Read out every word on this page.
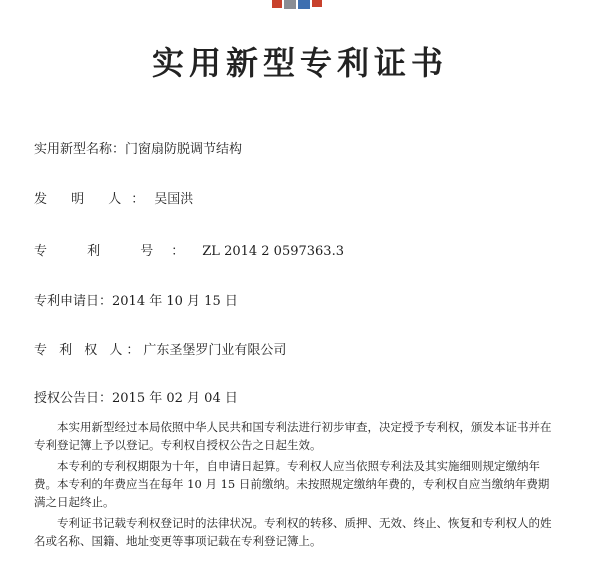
实用新型专利证书
实用新型名称：门窗扇防脱调节结构
发 明 人：吴国洪
专 利 号：ZL 2014 2 0597363.3
专利申请日：2014 年 10 月 15 日
专 利 权 人：广东圣堡罗门业有限公司
授权公告日：2015 年 02 月 04 日

本实用新型经过本局依照中华人民共和国专利法进行初步审查，决定授予专利权，颁发本证书并在专利登记簿上予以登记。专利权自授权公告之日起生效。

本专利的专利权期限为十年，自申请日起算。专利权人应当依照专利法及其实施细则规定缴纳年费。本专利的年费应当在每年 10 月 15 日前缴纳。未按照规定缴纳年费的，专利权自应当缴纳年费期满之日起终止。

专利证书记载专利权登记时的法律状况。专利权的转移、质押、无效、终止、恢复和专利权人的姓名或名称、国籍、地址变更等事项记载在专利登记簿上。
